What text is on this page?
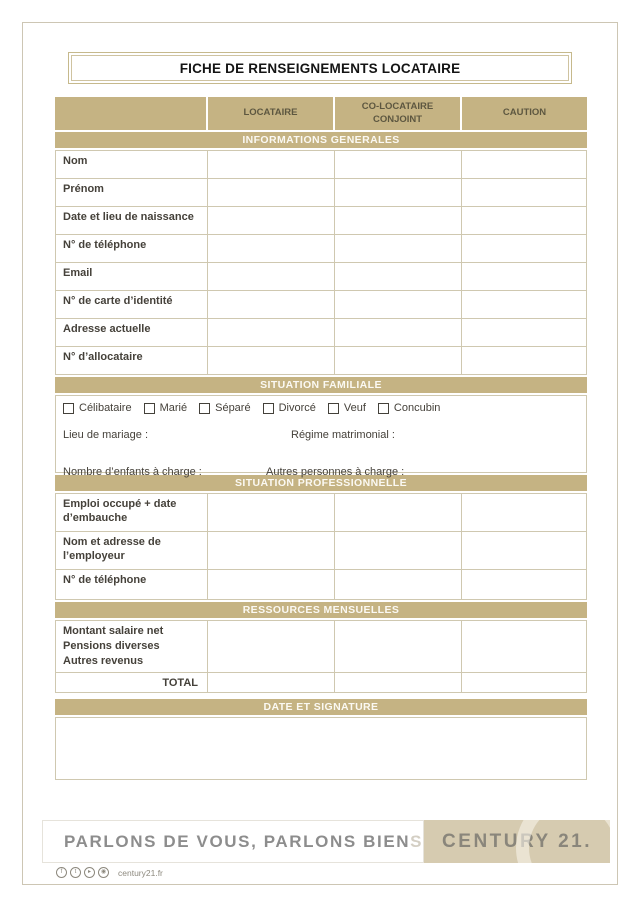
FICHE DE RENSEIGNEMENTS LOCATAIRE
LOCATAIRE
CO-LOCATAIRE CONJOINT
CAUTION
INFORMATIONS GENERALES
Nom
Prénom
Date et lieu de naissance
N° de téléphone
Email
N° de carte d’identité
Adresse actuelle
N° d’allocataire
SITUATION FAMILIALE
Célibataire	Marié	Séparé	Divorcé	Veuf	Concubin
Lieu de mariage :	Régime matrimonial :
Nombre d’enfants à charge :	Autres personnes à charge :
SITUATION PROFESSIONNELLE
Emploi occupé + date d’embauche
Nom et adresse de l’employeur
N° de téléphone
RESSOURCES MENSUELLES
Montant salaire net
Pensions diverses
Autres revenus
TOTAL
DATE ET SIGNATURE
PARLONS DE VOUS, PARLONS BIEN S CENTURY 21.
f	t	▸	◉	century21.fr
